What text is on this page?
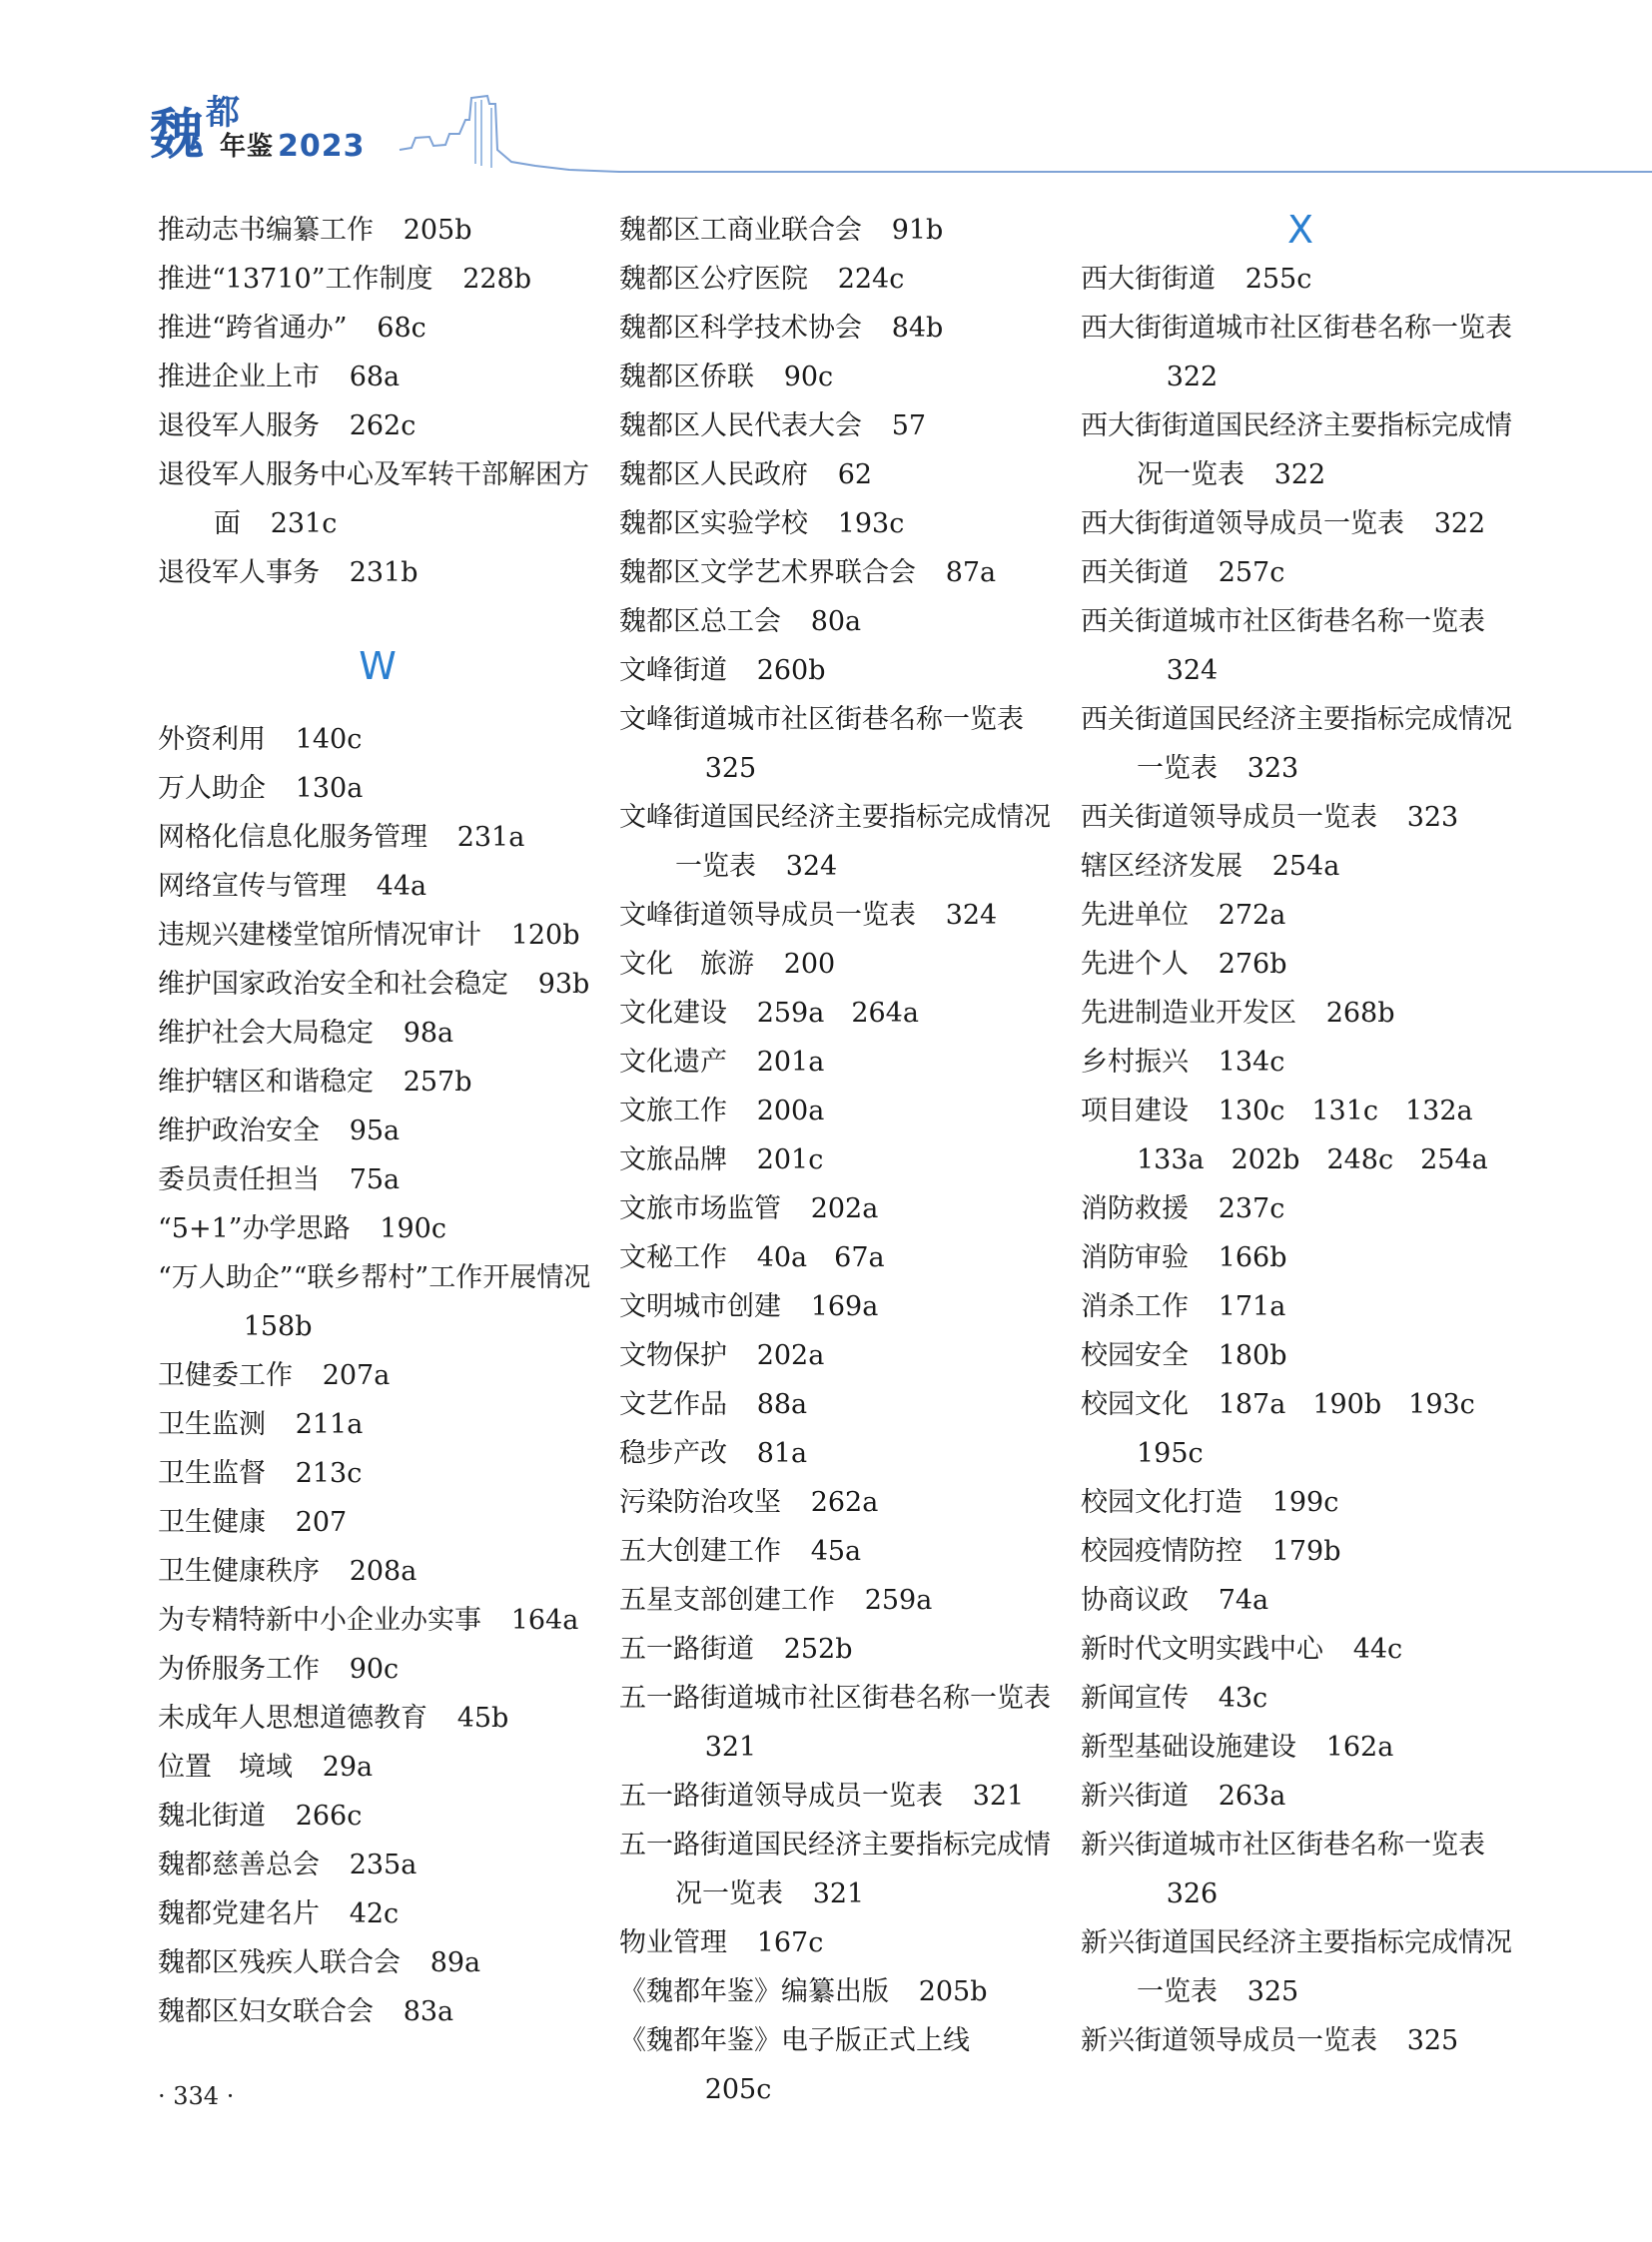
魏 都
年鉴 2023
推动志书编纂工作 205b
推进“13710”工作制度 228b
推进“跨省通办” 68c
推进企业上市 68a
退役军人服务 262c
退役军人服务中心及军转干部解困方面 231c
退役军人事务 231b
W
外资利用 140c
万人助企 130a
网格化信息化服务管理 231a
网络宣传与管理 44a
违规兴建楼堂馆所情况审计 120b
维护国家政治安全和社会稳定 93b
维护社会大局稳定 98a
维护辖区和谐稳定 257b
维护政治安全 95a
委员责任担当 75a
“5+1”办学思路 190c
“万人助企”“联乡帮村”工作开展情况158b
卫健委工作 207a
卫生监测 211a
卫生监督 213c
卫生健康 207
卫生健康秩序 208a
为专精特新中小企业办实事 164a
为侨服务工作 90c
未成年人思想道德教育 45b
位置　境域 29a
魏北街道 266c
魏都慈善总会 235a
魏都党建名片 42c
魏都区残疾人联合会 89a
魏都区妇女联合会 83a
魏都区工商业联合会 91b
魏都区公疗医院 224c
魏都区科学技术协会 84b
魏都区侨联 90c
魏都区人民代表大会 57
魏都区人民政府 62
魏都区实验学校 193c
魏都区文学艺术界联合会 87a
魏都区总工会 80a
文峰街道 260b
文峰街道城市社区街巷名称一览表325
文峰街道国民经济主要指标完成情况一览表 324
文峰街道领导成员一览表 324
文化　旅游 200
文化建设 259a　264a
文化遗产 201a
文旅工作 200a
文旅品牌 201c
文旅市场监管 202a
文秘工作 40a　67a
文明城市创建 169a
文物保护 202a
文艺作品 88a
稳步产改 81a
污染防治攻坚 262a
五大创建工作 45a
五星支部创建工作 259a
五一路街道 252b
五一路街道城市社区街巷名称一览表321
五一路街道领导成员一览表 321
五一路街道国民经济主要指标完成情况一览表 321
物业管理 167c
《魏都年鉴》编纂出版 205b
《魏都年鉴》电子版正式上线205c
X
西大街街道 255c
西大街街道城市社区街巷名称一览表322
西大街街道国民经济主要指标完成情况一览表 322
西大街街道领导成员一览表 322
西关街道 257c
西关街道城市社区街巷名称一览表324
西关街道国民经济主要指标完成情况一览表 323
西关街道领导成员一览表 323
辖区经济发展 254a
先进单位 272a
先进个人 276b
先进制造业开发区 268b
乡村振兴 134c
项目建设 130c　131c　132a　133a　202b　248c　254a
消防救援 237c
消防审验 166b
消杀工作 171a
校园安全 180b
校园文化 187a　190b　193c　195c
校园文化打造 199c
校园疫情防控 179b
协商议政 74a
新时代文明实践中心 44c
新闻宣传 43c
新型基础设施建设 162a
新兴街道 263a
新兴街道城市社区街巷名称一览表326
新兴街道国民经济主要指标完成情况一览表 325
新兴街道领导成员一览表 325
· 334 ·
